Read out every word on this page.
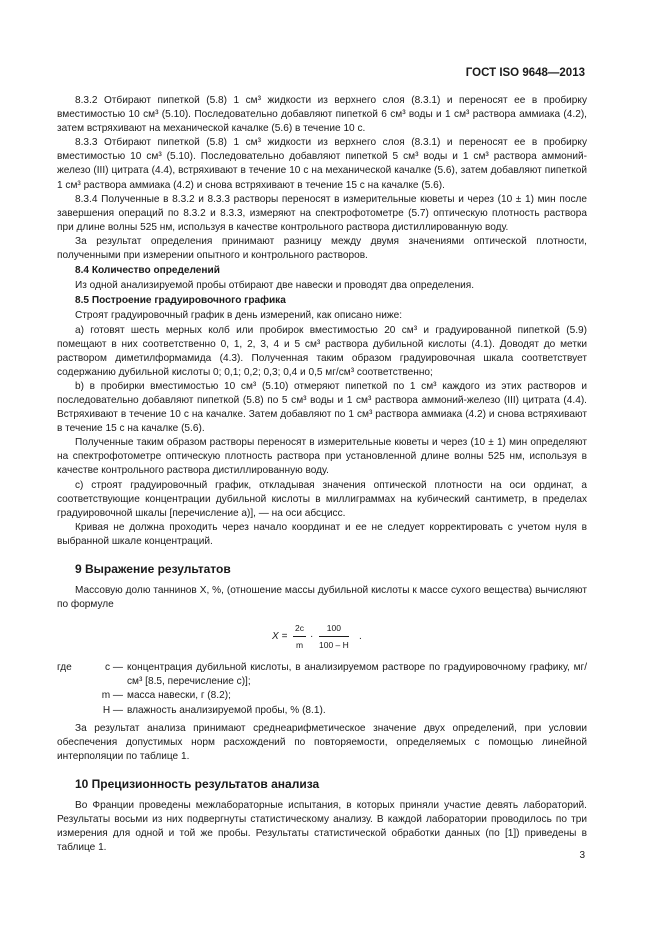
ГОСТ ISO 9648—2013

8.3.2 Отбирают пипеткой (5.8) 1 см³ жидкости из верхнего слоя (8.3.1) и переносят ее в пробирку вместимостью 10 см³ (5.10). Последовательно добавляют пипеткой 6 см³ воды и 1 см³ раствора аммиака (4.2), затем встряхивают на механической качалке (5.6) в течение 10 с.

8.3.3 Отбирают пипеткой (5.8) 1 см³ жидкости из верхнего слоя (8.3.1) и переносят ее в пробирку вместимостью 10 см³ (5.10). Последовательно добавляют пипеткой 5 см³ воды и 1 см³ раствора аммоний-железо (III) цитрата (4.4), встряхивают в течение 10 с на механической качалке (5.6), затем добавляют пипеткой 1 см³ раствора аммиака (4.2) и снова встряхивают в течение 15 с на качалке (5.6).

8.3.4 Полученные в 8.3.2 и 8.3.3 растворы переносят в измерительные кюветы и через (10 ± 1) мин после завершения операций по 8.3.2 и 8.3.3, измеряют на спектрофотометре (5.7) оптическую плотность раствора при длине волны 525 нм, используя в качестве контрольного раствора дистиллированную воду.

За результат определения принимают разницу между двумя значениями оптической плотности, полученными при измерении опытного и контрольного растворов.

8.4 Количество определений

Из одной анализируемой пробы отбирают две навески и проводят два определения.

8.5 Построение градуировочного графика

Строят градуировочный график в день измерений, как описано ниже:

а) готовят шесть мерных колб или пробирок вместимостью 20 см³ и градуированной пипеткой (5.9) помещают в них соответственно 0, 1, 2, 3, 4 и 5 см³ раствора дубильной кислоты (4.1). Доводят до метки раствором диметилформамида (4.3). Полученная таким образом градуировочная шкала соответствует содержанию дубильной кислоты 0; 0,1; 0,2; 0,3; 0,4 и 0,5 мг/см³ соответственно;

b) в пробирки вместимостью 10 см³ (5.10) отмеряют пипеткой по 1 см³ каждого из этих растворов и последовательно добавляют пипеткой (5.8) по 5 см³ воды и 1 см³ раствора аммоний-железо (III) цитрата (4.4). Встряхивают в течение 10 с на качалке. Затем добавляют по 1 см³ раствора аммиака (4.2) и снова встряхивают в течение 15 с на качалке (5.6).

Полученные таким образом растворы переносят в измерительные кюветы и через (10 ± 1) мин определяют на спектрофотометре оптическую плотность раствора при установленной длине волны 525 нм, используя в качестве контрольного раствора дистиллированную воду.

с) строят градуировочный график, откладывая значения оптической плотности на оси ординат, а соответствующие концентрации дубильной кислоты в миллиграммах на кубический сантиметр, в пределах градуировочной шкалы [перечисление а)], — на оси абсцисс.

Кривая не должна проходить через начало координат и ее не следует корректировать с учетом нуля в выбранной шкале концентраций.

9 Выражение результатов

Массовую долю таннинов X, %, (отношение массы дубильной кислоты к массе сухого вещества) вычисляют по формуле

$X = \frac{2c}{m} \cdot \frac{100}{100 - H}$ .
где	c — концентрация дубильной кислоты, в анализируемом растворе по градуировочному графику, мг/см³ [8.5, перечисление с)];
m — масса навески, г (8.2);
H — влажность анализируемой пробы, % (8.1).

За результат анализа принимают среднеарифметическое значение двух определений, при условии обеспечения допустимых норм расхождений по повторяемости, определяемых с помощью линейной интерполяции по таблице 1.

10 Прецизионность результатов анализа

Во Франции проведены межлабораторные испытания, в которых приняли участие девять лабораторий. Результаты восьми из них подвергнуты статистическому анализу. В каждой лаборатории проводилось по три измерения для одной и той же пробы. Результаты статистической обработки данных (по [1]) приведены в таблице 1.

3
